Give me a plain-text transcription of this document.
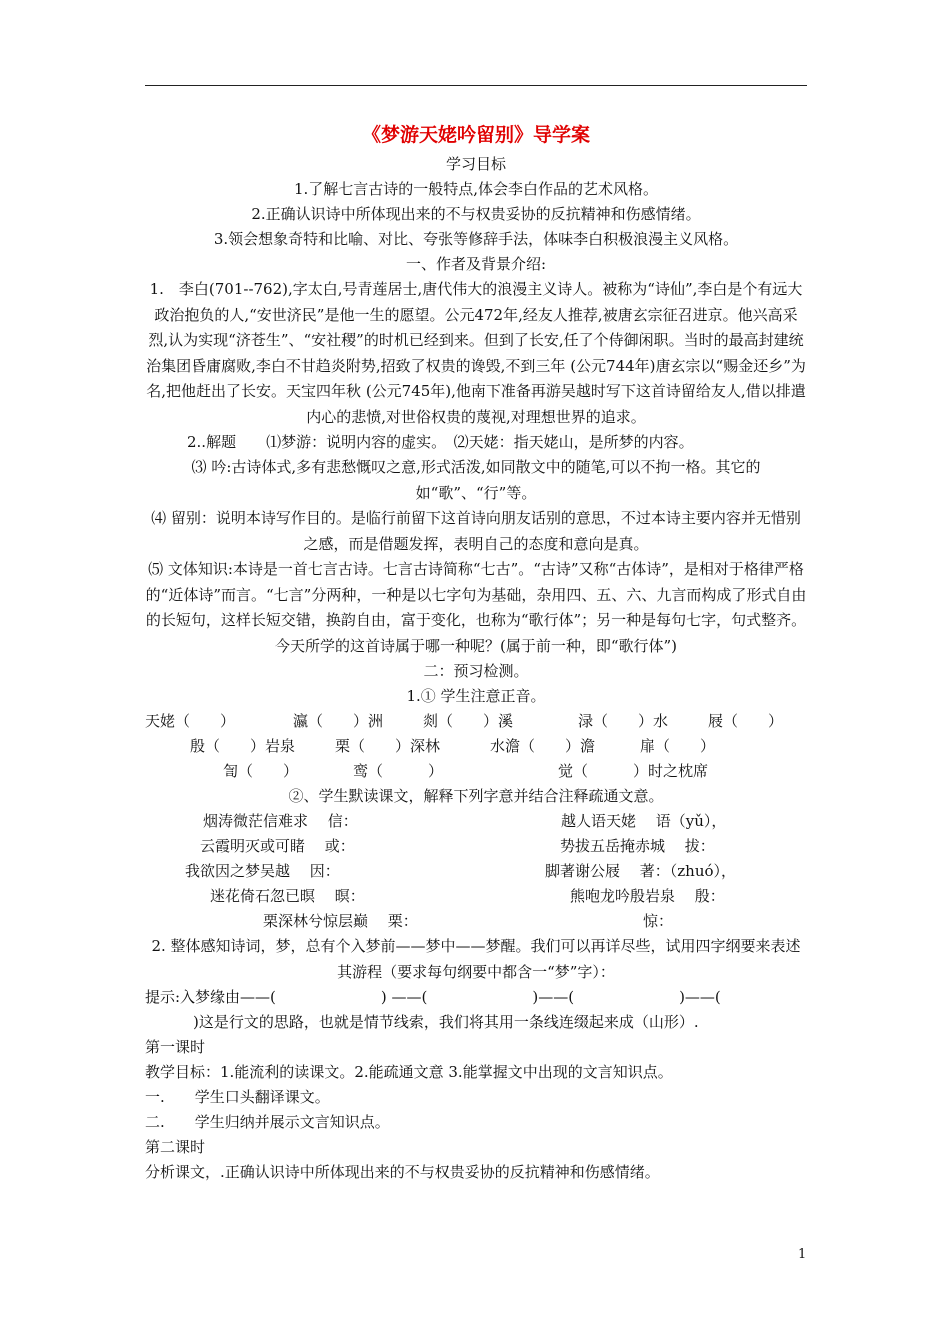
《梦游天姥吟留别》导学案
学习目标
1.了解七言古诗的一般特点,体会李白作品的艺术风格。
2.正确认识诗中所体现出来的不与权贵妥协的反抗精神和伤感情绪。
3.领会想象奇特和比喻、对比、夸张等修辞手法，体味李白积极浪漫主义风格。
一、作者及背景介绍:
1.　李白(701--762),字太白,号青莲居士,唐代伟大的浪漫主义诗人。被称为“诗仙”,李白是个有远大政治抱负的人,“安世济民”是他一生的愿望。公元472年,经友人推荐,被唐玄宗征召进京。他兴高采烈,认为实现“济苍生”、“安社稷”的时机已经到来。但到了长安,任了个侍御闲职。当时的最高封建统治集团昏庸腐败,李白不甘趋炎附势,招致了权贵的谗毁,不到三年 (公元744年)唐玄宗以“赐金还乡”为名,把他赶出了长安。天宝四年秋 (公元745年),他南下准备再游吴越时写下这首诗留给友人,借以排遣内心的悲愤,对世俗权贵的蔑视,对理想世界的追求。
2..解题　　⑴梦游：说明内容的虚实。　⑵天姥：指天姥山，是所梦的内容。
⑶ 吟:古诗体式,多有悲愁慨叹之意,形式活泼,如同散文中的随笔,可以不拘一格。其它的如“歌”、“行”等。
⑷ 留别：说明本诗写作目的。是临行前留下这首诗向朋友话别的意思，不过本诗主要内容并无惜别之感，而是借题发挥，表明自己的态度和意向是真。
⑸ 文体知识:本诗是一首七言古诗。七言古诗简称“七古”。“古诗”又称“古体诗”，是相对于格律严格的“近体诗”而言。“七言”分两种，一种是以七字句为基础，杂用四、五、六、九言而构成了形式自由的长短句，这样长短交错，换韵自由，富于变化，也称为“歌行体”；另一种是每句七字，句式整齐。今天所学的这首诗属于哪一种呢？(属于前一种，即“歌行体”)
二：预习检测。
1.① 学生注意正音。
天姥（　　）	瀛（　　）洲	剡（　　）溪	渌（　　）水	屐（　　）
殷（　　）岩泉	栗（　　）深林	水澹（　　）澹	扉（　　）
訇（　　）	鸾（　　　）	觉（　　　）时之枕席
②、学生默读课文，解释下列字意并结合注释疏通文意。
烟涛微茫信难求　 信：	越人语天姥　 语（yǔ），
云霞明灭或可睹　 或：	势拔五岳掩赤城　 拔：
我欲因之梦吴越　 因：	脚著谢公屐　 著：（zhuó），
迷花倚石忽已暝　 暝：	熊咆龙吟殷岩泉　 殷：
栗深林兮惊层巅　 栗：	惊：
2. 整体感知诗词，梦，总有个入梦前——梦中——梦醒。我们可以再详尽些，试用四字纲要来表述其游程（要求每句纲要中都含一“梦”字）：
提示:入梦缘由——(　　　　　　　) ——(　　　　　　　)——(　　　　　　　)——(
)这是行文的思路，也就是情节线索，我们将其用一条线连缀起来成（山形）.
第一课时
教学目标：1.能流利的读课文。2.能疏通文意 3.能掌握文中出现的文言知识点。
一.　　学生口头翻译课文。
二.　　学生归纳并展示文言知识点。
第二课时
分析课文，.正确认识诗中所体现出来的不与权贵妥协的反抗精神和伤感情绪。
1
